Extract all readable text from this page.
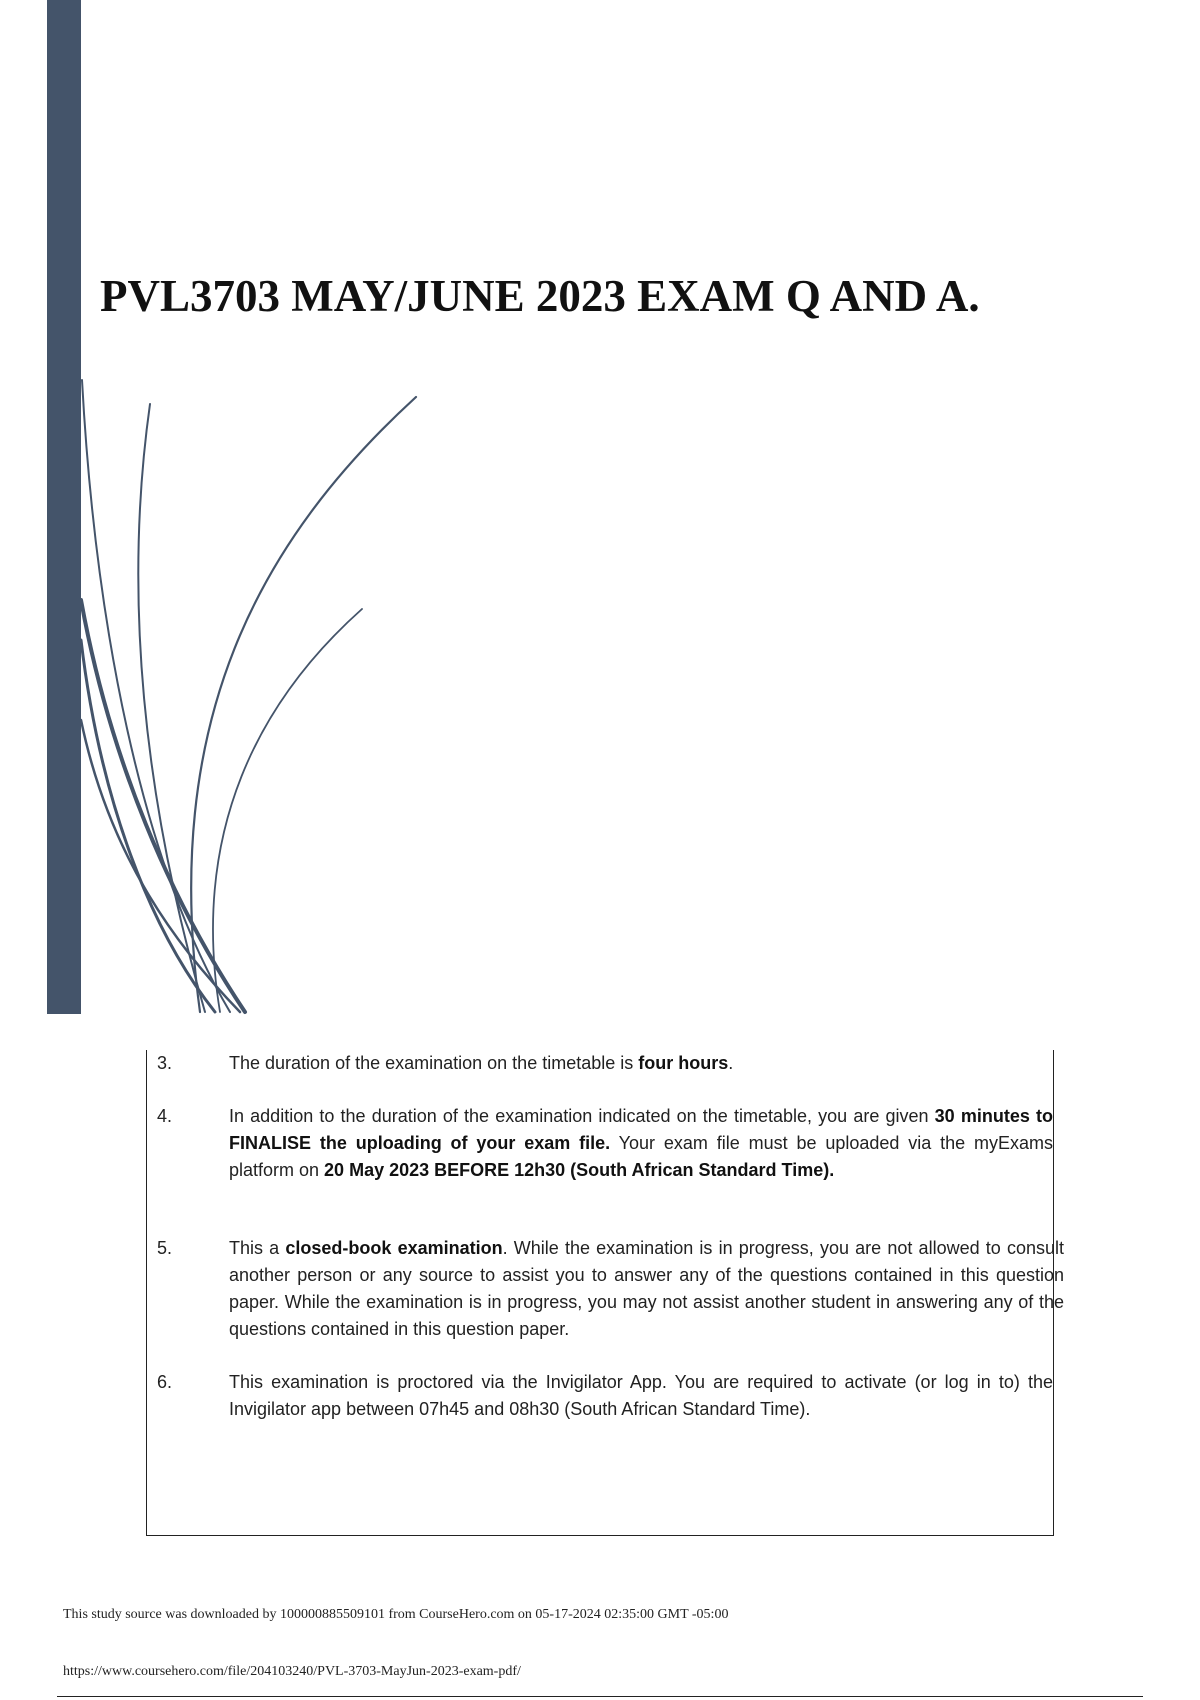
PVL3703 MAY/JUNE 2023 EXAM Q AND A.
3.	The duration of the examination on the timetable is four hours.
4.	In addition to the duration of the examination indicated on the timetable, you are given 30 minutes to FINALISE the uploading of your exam file. Your exam file must be uploaded via the myExams platform on 20 May 2023 BEFORE 12h30 (South African Standard Time).
5.	This a closed-book examination. While the examination is in progress, you are not allowed to consult another person or any source to assist you to answer any of the questions contained in this question paper. While the examination is in progress, you may not assist another student in answering any of the questions contained in this question paper.
6.	This examination is proctored via the Invigilator App. You are required to activate (or log in to) the Invigilator app between 07h45 and 08h30 (South African Standard Time).
This study source was downloaded by 100000885509101 from CourseHero.com on 05-17-2024 02:35:00 GMT -05:00
https://www.coursehero.com/file/204103240/PVL-3703-MayJun-2023-exam-pdf/
